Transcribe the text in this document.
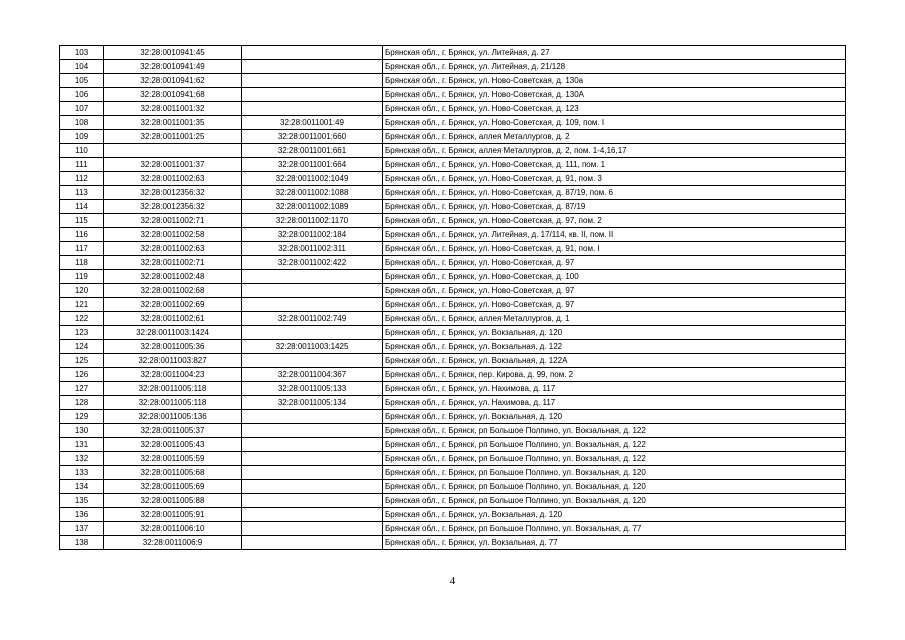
103	32:28:0010941:45		Брянская обл., г. Брянск, ул. Литейная, д. 27
104	32:28:0010941:49		Брянская обл., г. Брянск, ул. Литейная, д. 21/128
105	32:28:0010941:62		Брянская обл., г. Брянск, ул. Ново-Советская, д. 130а
106	32:28:0010941:68		Брянская обл., г. Брянск, ул. Ново-Советская, д. 130А
107	32:28:0011001:32		Брянская обл., г. Брянск, ул. Ново-Советская, д. 123
108	32:28:0011001:35	32:28:0011001:49	Брянская обл., г. Брянск, ул. Ново-Советская, д. 109, пом. I
109	32:28:0011001:25	32:28:0011001:660	Брянская обл., г. Брянск, аллея Металлургов, д. 2
110		32:28:0011001:661	Брянская обл., г. Брянск, аллея Металлургов, д. 2, пом. 1-4,16,17
111	32:28:0011001:37	32:28:0011001:664	Брянская обл., г. Брянск, ул. Ново-Советская, д. 111, пом. 1
112	32:28:0011002:63	32:28:0011002:1049	Брянская обл., г. Брянск, ул. Ново-Советская, д. 91, пом. 3
113	32:28:0012356:32	32:28:0011002:1088	Брянская обл., г. Брянск, ул. Ново-Советская, д. 87/19, пом. 6
114	32:28:0012356:32	32:28:0011002:1089	Брянская обл., г. Брянск, ул. Ново-Советская, д. 87/19
115	32:28:0011002:71	32:28:0011002:1170	Брянская обл., г. Брянск, ул. Ново-Советская, д. 97, пом. 2
116	32:28:0011002:58	32:28:0011002:184	Брянская обл., г. Брянск, ул. Литейная, д. 17/114, кв. II, пом. II
117	32:28:0011002:63	32:28:0011002:311	Брянская обл., г. Брянск, ул. Ново-Советская, д. 91, пом. I
118	32:28:0011002:71	32:28:0011002:422	Брянская обл., г. Брянск, ул. Ново-Советская, д. 97
119	32:28:0011002:48		Брянская обл., г. Брянск, ул. Ново-Советская, д. 100
120	32:28:0011002:68		Брянская обл., г. Брянск, ул. Ново-Советская, д. 97
121	32:28:0011002:69		Брянская обл., г. Брянск, ул. Ново-Советская, д. 97
122	32:28:0011002:61	32:28:0011002:749	Брянская обл., г. Брянск, аллея Металлургов, д. 1
123	32:28:0011003:1424		Брянская обл., г. Брянск, ул. Вокзальная, д. 120
124	32:28:0011005:36	32:28:0011003:1425	Брянская обл., г. Брянск, ул. Вокзальная, д. 122
125	32:28:0011003:827		Брянская обл., г. Брянск, ул. Вокзальная, д. 122А
126	32:28:0011004:23	32:28:0011004:367	Брянская обл., г. Брянск, пер. Кирова, д. 99, пом. 2
127	32:28:0011005:118	32:28:0011005:133	Брянская обл., г. Брянск, ул. Нахимова, д. 117
128	32:28:0011005:118	32:28:0011005:134	Брянская обл., г. Брянск, ул. Нахимова, д. 117
129	32:28:0011005:136		Брянская обл., г. Брянск, ул. Вокзальная, д. 120
130	32:28:0011005:37		Брянская обл., г. Брянск, рп Большое Полпино, ул. Вокзальная, д. 122
131	32:28:0011005:43		Брянская обл., г. Брянск, рп Большое Полпино, ул. Вокзальная, д. 122
132	32:28:0011005:59		Брянская обл., г. Брянск, рп Большое Полпино, ул. Вокзальная, д. 122
133	32:28:0011005:68		Брянская обл., г. Брянск, рп Большое Полпино, ул. Вокзальная, д. 120
134	32:28:0011005:69		Брянская обл., г. Брянск, рп Большое Полпино, ул. Вокзальная, д. 120
135	32:28:0011005:88		Брянская обл., г. Брянск, рп Большое Полпино, ул. Вокзальная, д. 120
136	32:28:0011005:91		Брянская обл., г. Брянск, ул. Вокзальная, д. 120
137	32:28:0011006:10		Брянская обл., г. Брянск, рп Большое Полпино, ул. Вокзальная, д. 77
138	32:28:0011006:9		Брянская обл., г. Брянск, ул. Вокзальная, д. 77
4
